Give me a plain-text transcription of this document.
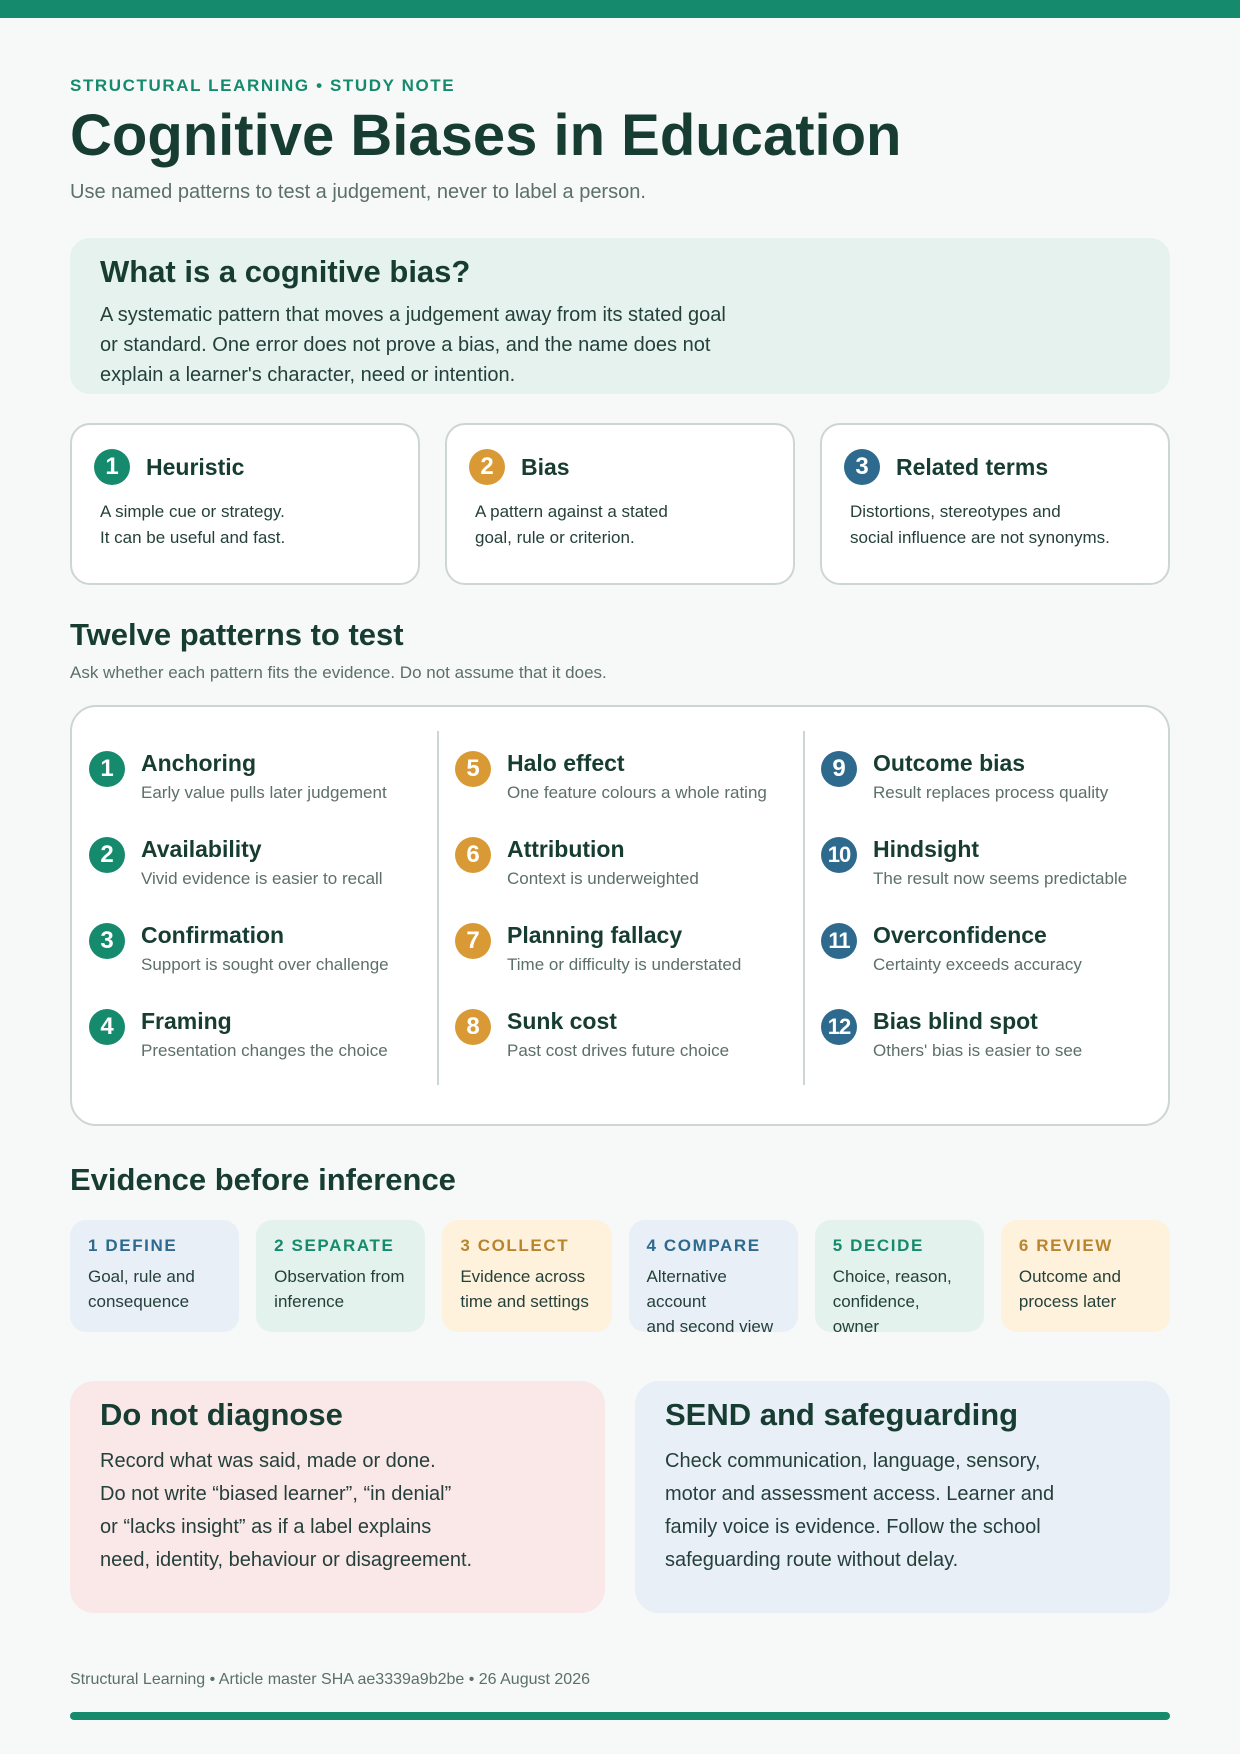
STRUCTURAL LEARNING • STUDY NOTE
Cognitive Biases in Education
Use named patterns to test a judgement, never to label a person.
What is a cognitive bias?

A systematic pattern that moves a judgement away from its stated goal or standard. One error does not prove a bias, and the name does not explain a learner's character, need or intention.

1	Heuristic
A simple cue or strategy.
It can be useful and fast.
2	Bias
A pattern against a stated
goal, rule or criterion.
3	Related terms
Distortions, stereotypes and
social influence are not synonyms.
Twelve patterns to test
Ask whether each pattern fits the evidence. Do not assume that it does.
1	Anchoring
Early value pulls later judgement
2	Availability
Vivid evidence is easier to recall
3	Confirmation
Support is sought over challenge
4	Framing
Presentation changes the choice
5	Halo effect
One feature colours a whole rating
6	Attribution
Context is underweighted
7	Planning fallacy
Time or difficulty is understated
8	Sunk cost
Past cost drives future choice
9	Outcome bias
Result replaces process quality
10 Hindsight
The result now seems predictable
11	Overconfidence
Certainty exceeds accuracy
12 Bias blind spot
Others' bias is easier to see
Evidence before inference
1 DEFINE
Goal, rule and
consequence
2 SEPARATE
Observation from
inference
3 COLLECT
Evidence across
time and settings
4 COMPARE
Alternative account
and second view
5 DECIDE
Choice, reason,
confidence, owner
6 REVIEW
Outcome and
process later
Do not diagnose

Record what was said, made or done.
Do not write “biased learner”, “in denial”
or “lacks insight” as if a label explains
need, identity, behaviour or disagreement.

SEND and safeguarding

Check communication, language, sensory,
motor and assessment access. Learner and
family voice is evidence. Follow the school
safeguarding route without delay.

Structural Learning • Article master SHA ae3339a9b2be • 26 August 2026
